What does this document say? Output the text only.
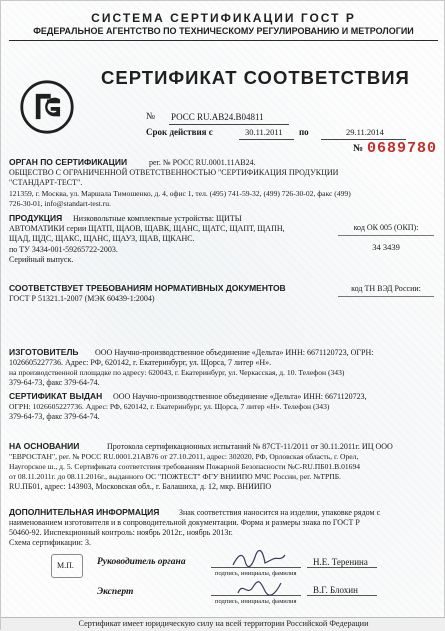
СИСТЕМА СЕРТИФИКАЦИИ ГОСТ Р
ФЕДЕРАЛЬНОЕ АГЕНТСТВО ПО ТЕХНИЧЕСКОМУ РЕГУЛИРОВАНИЮ И МЕТРОЛОГИИ
СЕРТИФИКАТ СООТВЕТСТВИЯ
№ РОСС RU.AB24.B04811
Срок действия с	30.11.2011 по	29.11.2014
№ 0689780
ОРГАН ПО СЕРТИФИКАЦИИ	рег. № РОСС RU.0001.11AB24.
ОБЩЕСТВО С ОГРАНИЧЕННОЙ ОТВЕТСТВЕННОСТЬЮ "СЕРТИФИКАЦИЯ ПРОДУКЦИИ
"СТАНДАРТ-ТЕСТ".
121359, г. Москва, ул. Маршала Тимошенко, д. 4, офис 1, тел. (495) 741-59-32, (499) 726-30-02, факс (499)
726-30-01, info@standart-test.ru.
ПРОДУКЦИЯ Низковольтные комплектные устройства: ЩИТЫ
АВТОМАТИКИ серии ЩАТП, ЩАОВ, ЩАВК, ЩАНС, ЩАТС, ЩАПТ, ЩАПН,
ЩАД, ЩДС, ЩАКС, ЩАНС, ЩАУЗ, ЩАВ, ЩКАНС.
по ТУ 3434-001-59265722-2003.
Серийный выпуск.
код ОК 005 (ОКП):
34 3439
СООТВЕТСТВУЕТ ТРЕБОВАНИЯМ НОРМАТИВНЫХ ДОКУМЕНТОВ
ГОСТ Р 51321.1-2007 (МЭК 60439-1:2004)
код ТН ВЭД России:
ИЗГОТОВИТЕЛЬ ООО Научно-производственное объединение «Дельта» ИНН: 6671120723, ОГРН:
1026605227736. Адрес: РФ, 620142, г. Екатеринбург, ул. Щорса, 7 литер «Н».
на производственной площадке по адресу: 620043, г. Екатеринбург, ул. Черкасская, д. 10. Телефон (343)
379-64-73, факс 379-64-74.
СЕРТИФИКАТ ВЫДАН ООО Научно-производственное объединение «Дельта» ИНН: 6671120723,
ОГРН: 1026605227736. Адрес: РФ, 620142, г. Екатеринбург, ул. Щорса, 7 литер «Н». Телефон (343)
379-64-73, факс 379-64-74.
НА ОСНОВАНИИ	Протокола сертификационных испытаний № 87СТ-11/2011 от 30.11.2011г. ИЦ ООО
"ЕВРОСТАН", рег. № РОСС RU.0001.21АВ76 от 27.10.2011, адрес: 302020, РФ, Орловская область, г. Орел,
Наугорское ш., д. 5. Сертификата соответствия требованиям Пожарной Безопасности №С-RU.ПБ01.В.01694
от 08.11.2011г. до 08.11.2016г., выданного ОС "ПОЖТЕСТ" ФГУ ВНИИПО МЧС России, рег. №ТРПБ.
RU.ПБ01, адрес: 143903, Московская обл., г. Балашиха, д. 12, мкр. ВНИИПО
ДОПОЛНИТЕЛЬНАЯ ИНФОРМАЦИЯ Знак соответствия наносится на изделии, упаковке рядом с
наименованием изготовителя и в сопроводительной документации. Форма и размеры знака по ГОСТ Р
50460-92. Инспекционный контроль: ноябрь 2012г., ноябрь 2013г.
Схема сертификации: 3.
Руководитель органа	Н.Е. Теренина
подпись, инициалы, фамилия
М.П.
Эксперт	В.Г. Блохин
подпись, инициалы, фамилия
Сертификат имеет юридическую силу на всей территории Российской Федерации
